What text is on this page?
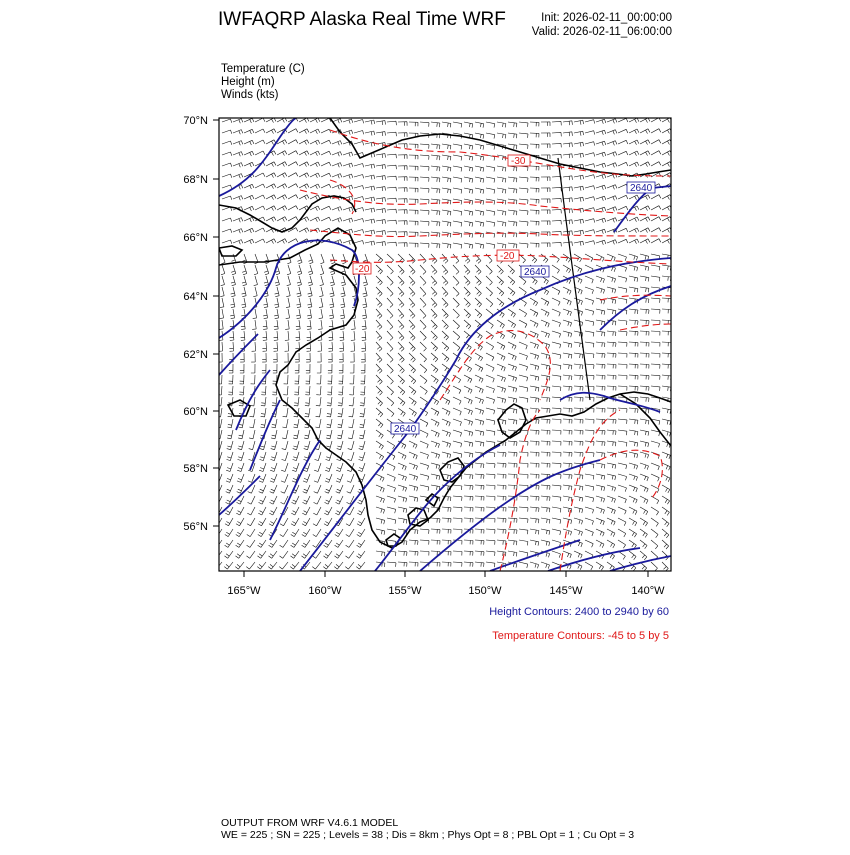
IWFAQRP Alaska Real Time WRF	Init: 2026-02-11_00:00:00
Valid: 2026-02-11_06:00:00
Temperature (C)
Height (m)
Winds (kts)
2640
2640
2640
-30
-20
-20
70°N
68°N
66°N
64°N
62°N
60°N
58°N
56°N
165°W	160°W	155°W	150°W	145°W	140°W
Height Contours: 2400 to 2940 by 60
Temperature Contours: -45 to 5 by 5
OUTPUT FROM WRF V4.6.1 MODEL
WE = 225 ; SN = 225 ; Levels = 38 ; Dis = 8km ; Phys Opt = 8 ; PBL Opt = 1 ; Cu Opt = 3
